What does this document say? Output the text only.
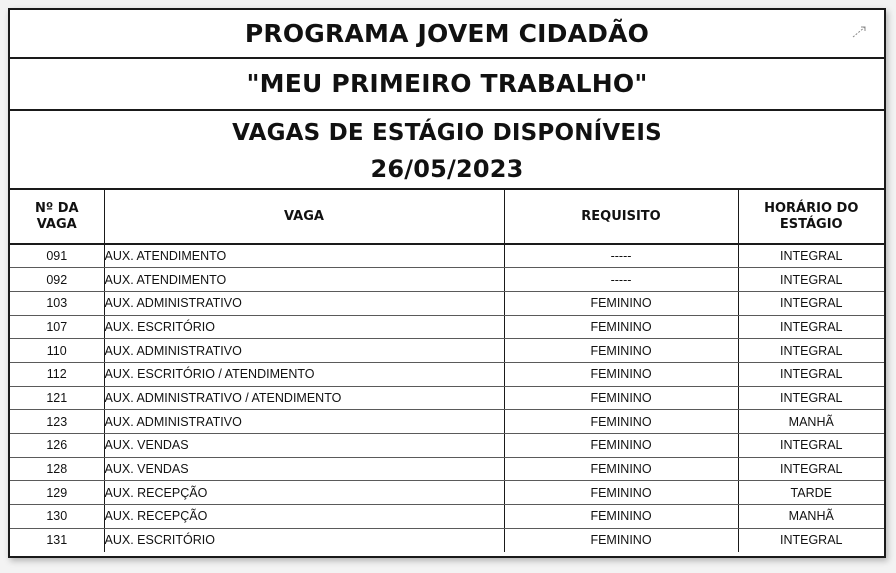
PROGRAMA JOVEM CIDADÃO
"MEU PRIMEIRO TRABALHO"
VAGAS DE ESTÁGIO DISPONÍVEIS
26/05/2023
Nº DA
VAGA	VAGA	REQUISITO	HORÁRIO DO
ESTÁGIO

091	AUX. ATENDIMENTO	-----	INTEGRAL
092	AUX. ATENDIMENTO	-----	INTEGRAL
103	AUX. ADMINISTRATIVO	FEMININO	INTEGRAL
107	AUX. ESCRITÓRIO	FEMININO	INTEGRAL
110	AUX. ADMINISTRATIVO	FEMININO	INTEGRAL
112	AUX. ESCRITÓRIO / ATENDIMENTO	FEMININO	INTEGRAL
121	AUX. ADMINISTRATIVO / ATENDIMENTO	FEMININO	INTEGRAL
123	AUX. ADMINISTRATIVO	FEMININO	MANHÃ
126	AUX. VENDAS	FEMININO	INTEGRAL
128	AUX. VENDAS	FEMININO	INTEGRAL
129	AUX. RECEPÇÃO	FEMININO	TARDE
130	AUX. RECEPÇÃO	FEMININO	MANHÃ
131	AUX. ESCRITÓRIO	FEMININO	INTEGRAL
